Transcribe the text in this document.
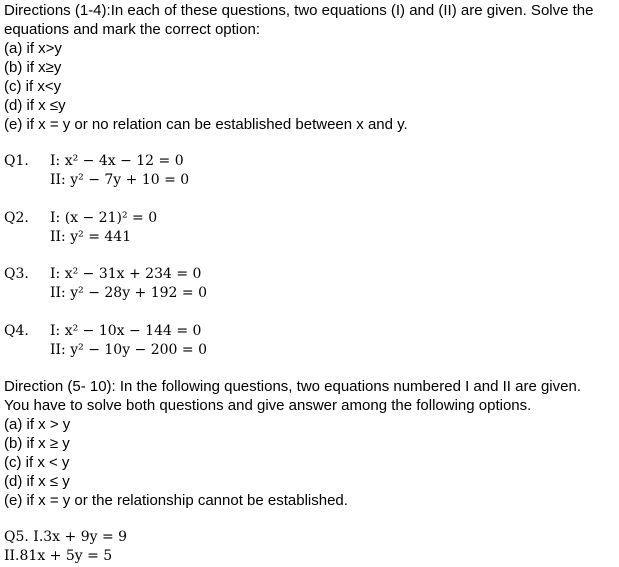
Directions (1-4):In each of these questions, two equations (I) and (II) are given. Solve the
equations and mark the correct option:
(a) if x>y
(b) if x≥y
(c) if x<y
(d) if x ≤y
(e) if x = y or no relation can be established between x and y.
Q1. I: x² − 4x − 12 = 0
II: y² − 7y + 10 = 0
Q2. I: (x − 21)² = 0
II: y² = 441
Q3. I: x² − 31x + 234 = 0
II: y² − 28y + 192 = 0
Q4. I: x² − 10x − 144 = 0
II: y² − 10y − 200 = 0
Direction (5- 10): In the following questions, two equations numbered I and II are given.
You have to solve both questions and give answer among the following options.
(a) if x > y
(b) if x ≥ y
(c) if x < y
(d) if x ≤ y
(e) if x = y or the relationship cannot be established.
Q5. I.3x + 9y = 9
II.81x + 5y = 5
